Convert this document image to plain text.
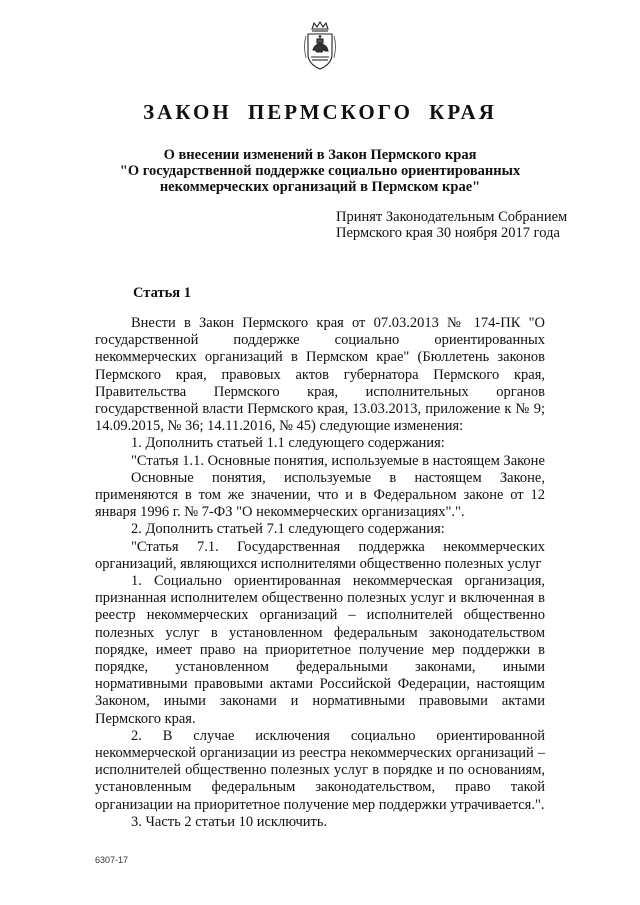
ЗАКОН ПЕРМСКОГО КРАЯ
О внесении изменений в Закон Пермского края
"О государственной поддержке социально ориентированных
некоммерческих организаций в Пермском крае"
Принят Законодательным Собранием
Пермского края 30 ноября 2017 года
Статья 1

Внести в Закон Пермского края от 07.03.2013 № 174-ПК "О государственной поддержке социально ориентированных некоммерческих организаций в Пермском крае" (Бюллетень законов Пермского края, правовых актов губернатора Пермского края, Правительства Пермского края, исполнительных органов государственной власти Пермского края, 13.03.2013, приложение к № 9; 14.09.2015, № 36; 14.11.2016, № 45) следующие изменения:

1. Дополнить статьей 1.1 следующего содержания:

"Статья 1.1. Основные понятия, используемые в настоящем Законе

Основные понятия, используемые в настоящем Законе, применяются в том же значении, что и в Федеральном законе от 12 января 1996 г. № 7-ФЗ "О некоммерческих организациях".".

2. Дополнить статьей 7.1 следующего содержания:

"Статья 7.1. Государственная поддержка некоммерческих организаций, являющихся исполнителями общественно полезных услуг

1. Социально ориентированная некоммерческая организация, признанная исполнителем общественно полезных услуг и включенная в реестр некоммерческих организаций – исполнителей общественно полезных услуг в установленном федеральным законодательством порядке, имеет право на приоритетное получение мер поддержки в порядке, установленном федеральными законами, иными нормативными правовыми актами Российской Федерации, настоящим Законом, иными законами и нормативными правовыми актами Пермского края.

2. В случае исключения социально ориентированной некоммерческой организации из реестра некоммерческих организаций – исполнителей общественно полезных услуг в порядке и по основаниям, установленным федеральным законодательством, право такой организации на приоритетное получение мер поддержки утрачивается.".

3. Часть 2 статьи 10 исключить.

6307-17
